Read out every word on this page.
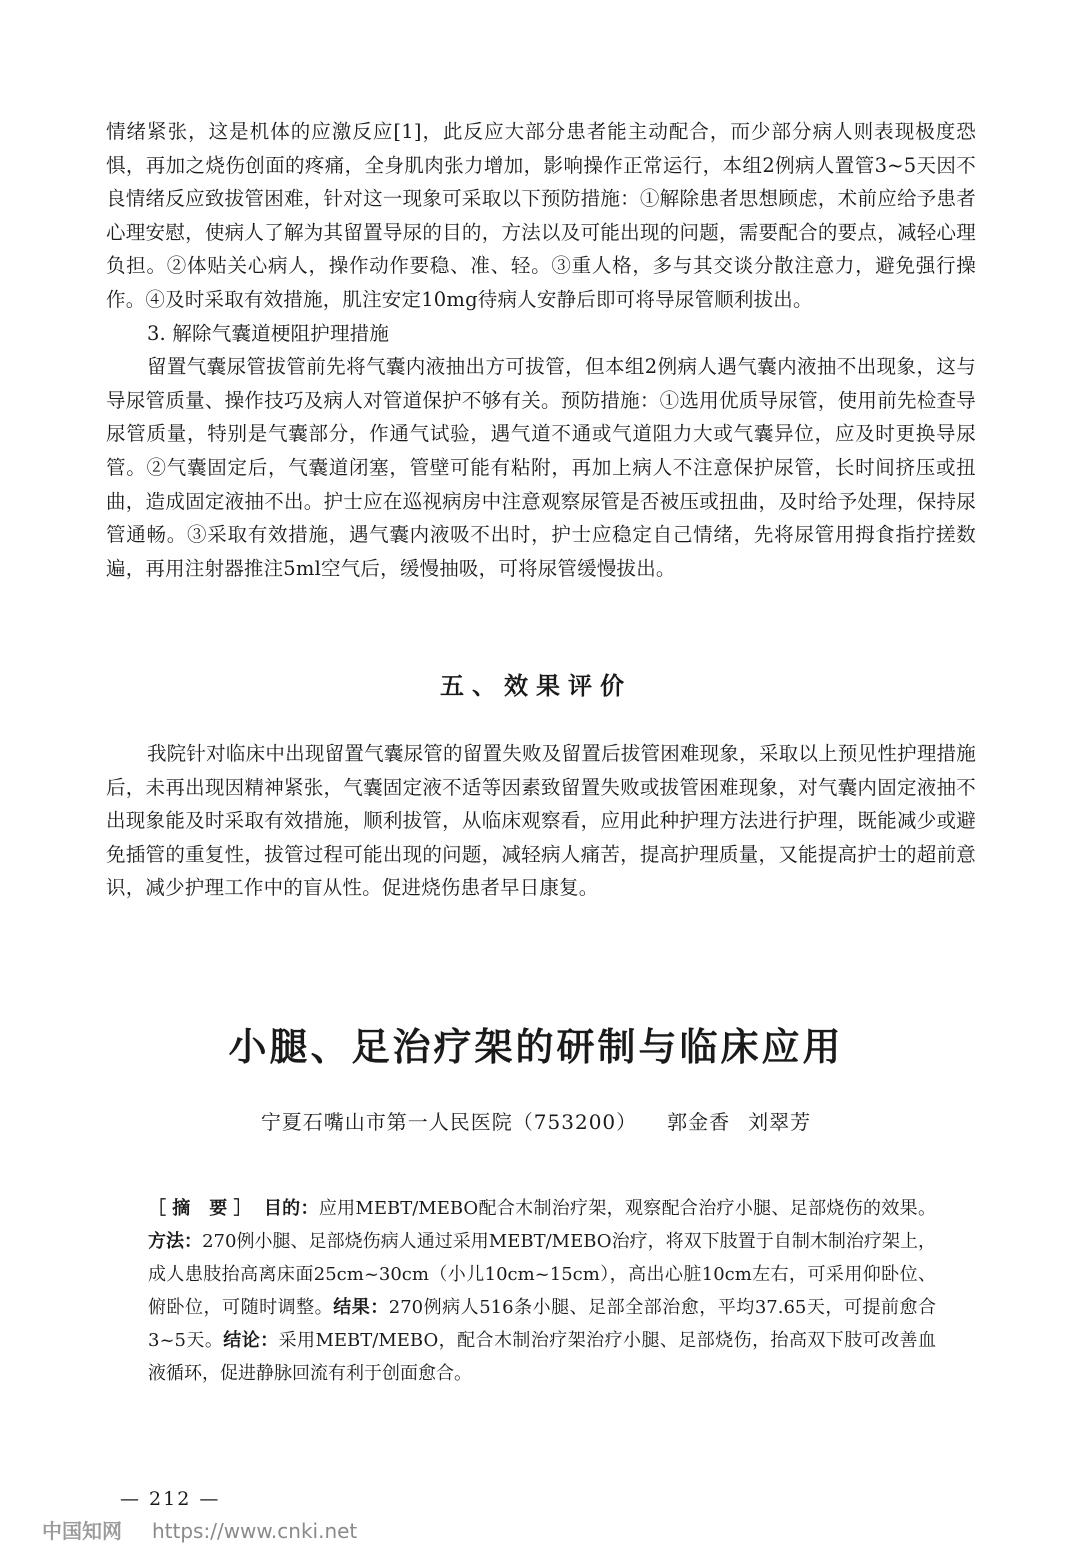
情绪紧张，这是机体的应激反应[1]，此反应大部分患者能主动配合，而少部分病人则表现极度恐惧，再加之烧伤创面的疼痛，全身肌肉张力增加，影响操作正常运行，本组2例病人置管3~5天因不良情绪反应致拔管困难，针对这一现象可采取以下预防措施：①解除患者思想顾虑，术前应给予患者心理安慰，使病人了解为其留置导尿的目的，方法以及可能出现的问题，需要配合的要点，减轻心理负担。②体贴关心病人，操作动作要稳、准、轻。③重人格，多与其交谈分散注意力，避免强行操作。④及时采取有效措施，肌注安定10mg待病人安静后即可将导尿管顺利拔出。

3. 解除气囊道梗阻护理措施

留置气囊尿管拔管前先将气囊内液抽出方可拔管，但本组2例病人遇气囊内液抽不出现象，这与导尿管质量、操作技巧及病人对管道保护不够有关。预防措施：①选用优质导尿管，使用前先检查导尿管质量，特别是气囊部分，作通气试验，遇气道不通或气道阻力大或气囊异位，应及时更换导尿管。②气囊固定后，气囊道闭塞，管壁可能有粘附，再加上病人不注意保护尿管，长时间挤压或扭曲，造成固定液抽不出。护士应在巡视病房中注意观察尿管是否被压或扭曲，及时给予处理，保持尿管通畅。③采取有效措施，遇气囊内液吸不出时，护士应稳定自己情绪，先将尿管用拇食指拧搓数遍，再用注射器推注5ml空气后，缓慢抽吸，可将尿管缓慢拔出。

五、效果评价

我院针对临床中出现留置气囊尿管的留置失败及留置后拔管困难现象，采取以上预见性护理措施后，未再出现因精神紧张，气囊固定液不适等因素致留置失败或拔管困难现象，对气囊内固定液抽不出现象能及时采取有效措施，顺利拔管，从临床观察看，应用此种护理方法进行护理，既能减少或避免插管的重复性，拔管过程可能出现的问题，减轻病人痛苦，提高护理质量，又能提高护士的超前意识，减少护理工作中的盲从性。促进烧伤患者早日康复。

小腿、足治疗架的研制与临床应用
宁夏石嘴山市第一人民医院（753200） 郭金香 刘翠芳
［摘 要］ 目的：应用MEBT/MEBO配合木制治疗架，观察配合治疗小腿、足部烧伤的效果。方法：270例小腿、足部烧伤病人通过采用MEBT/MEBO治疗，将双下肢置于自制木制治疗架上，成人患肢抬高离床面25cm~30cm（小儿10cm~15cm），高出心脏10cm左右，可采用仰卧位、俯卧位，可随时调整。结果：270例病人516条小腿、足部全部治愈，平均37.65天，可提前愈合3~5天。结论：采用MEBT/MEBO，配合木制治疗架治疗小腿、足部烧伤，抬高双下肢可改善血液循环，促进静脉回流有利于创面愈合。
— 212 —
中国知网 https://www.cnki.net
